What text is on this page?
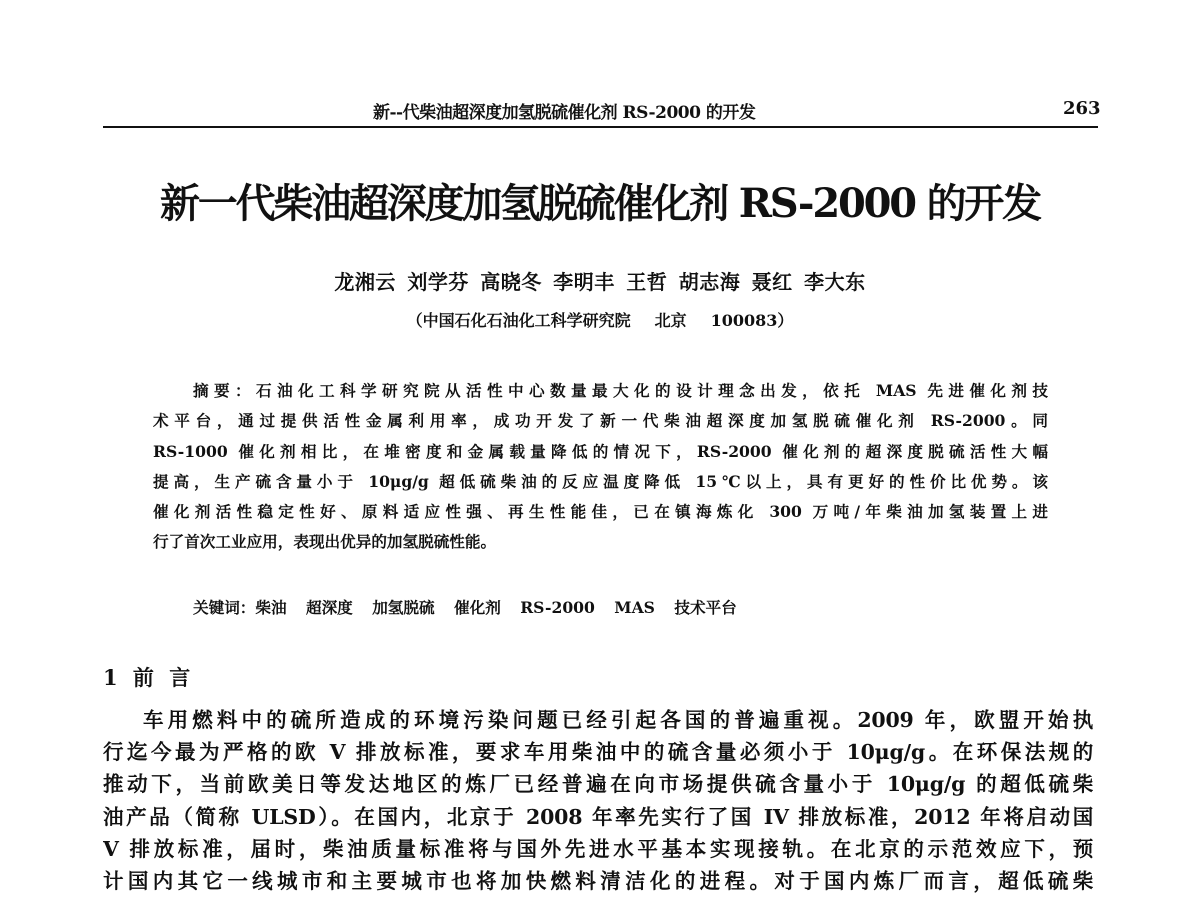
新--代柴油超深度加氢脱硫催化剂 RS-2000 的开发	263
新一代柴油超深度加氢脱硫催化剂 RS-2000 的开发
龙湘云 刘学芬 高晓冬 李明丰 王哲 胡志海 聂红 李大东
（中国石化石油化工科学研究院 北京 100083）
摘要：石油化工科学研究院从活性中心数量最大化的设计理念出发，依托 MAS 先进催化剂技
术平台，通过提供活性金属利用率，成功开发了新一代柴油超深度加氢脱硫催化剂 RS-2000。同
RS-1000 催化剂相比，在堆密度和金属载量降低的情况下，RS-2000 催化剂的超深度脱硫活性大幅
提高，生产硫含量小于 10μg/g 超低硫柴油的反应温度降低 15℃以上，具有更好的性价比优势。该
催化剂活性稳定性好、原料适应性强、再生性能佳，已在镇海炼化 300 万吨/年柴油加氢装置上进
行了首次工业应用，表现出优异的加氢脱硫性能。
关键词：柴油 超深度 加氢脱硫 催化剂 RS-2000 MAS 技术平台
1 前 言
车用燃料中的硫所造成的环境污染问题已经引起各国的普遍重视。2009 年，欧盟开始执
行迄今最为严格的欧 V 排放标准，要求车用柴油中的硫含量必须小于 10μg/g。在环保法规的
推动下，当前欧美日等发达地区的炼厂已经普遍在向市场提供硫含量小于 10μg/g 的超低硫柴
油产品（简称 ULSD）。在国内，北京于 2008 年率先实行了国 IV 排放标准，2012 年将启动国
V 排放标准，届时，柴油质量标准将与国外先进水平基本实现接轨。在北京的示范效应下，预
计国内其它一线城市和主要城市也将加快燃料清洁化的进程。对于国内炼厂而言，超低硫柴
